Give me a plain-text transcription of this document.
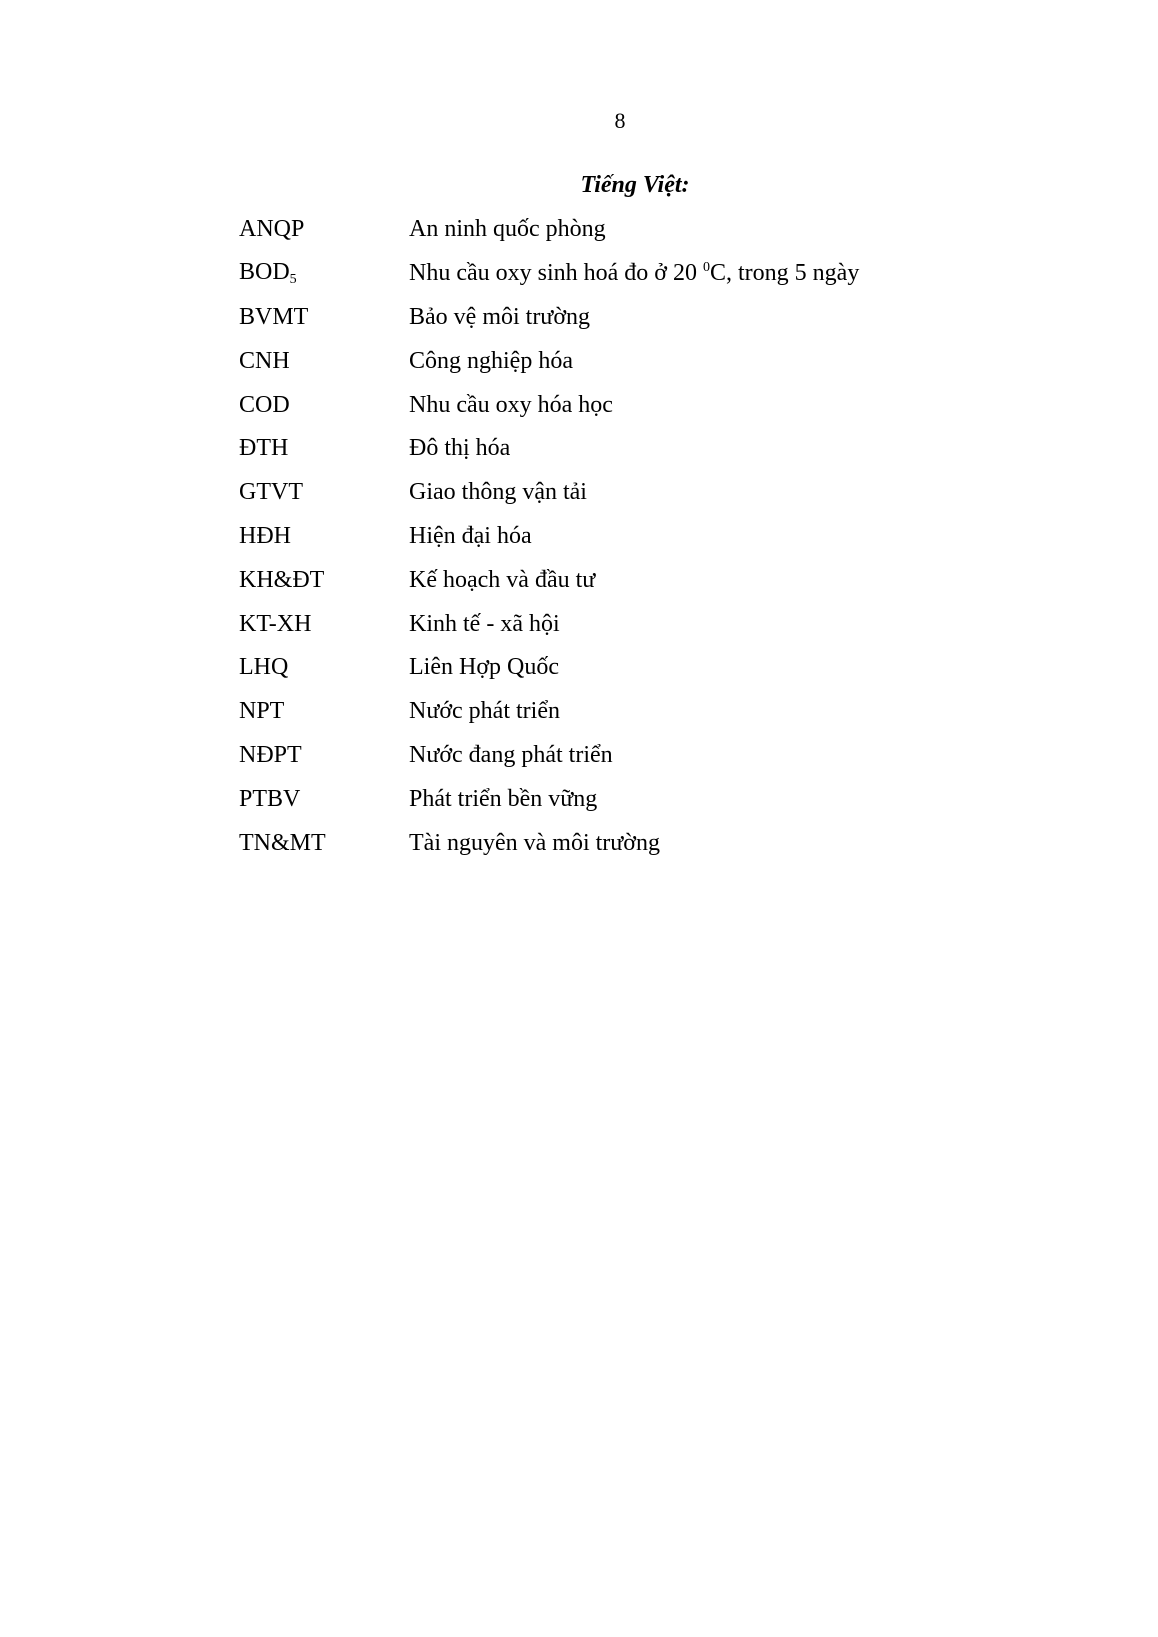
8
Tiếng Việt:
ANQP	An ninh quốc phòng
$BOD_5$	Nhu cầu oxy sinh hoá đo ở 20 $^0$C, trong 5 ngày
BVMT	Bảo vệ môi trường
CNH	Công nghiệp hóa
COD	Nhu cầu oxy hóa học
ĐTH	Đô thị hóa
GTVT	Giao thông vận tải
HĐH	Hiện đại hóa
KH&ĐT	Kế hoạch và đầu tư
KT-XH	Kinh tế - xã hội
LHQ	Liên Hợp Quốc
NPT	Nước phát triển
NĐPT	Nước đang phát triển
PTBV	Phát triển bền vững
TN&MT	Tài nguyên và môi trường
